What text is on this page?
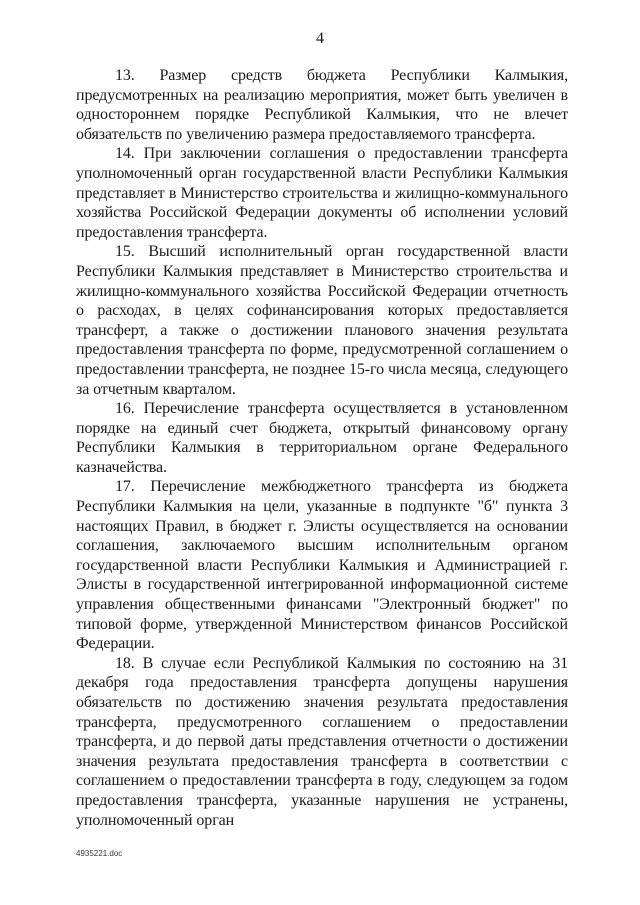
4

13. Размер средств бюджета Республики Калмыкия, предусмотренных на реализацию мероприятия, может быть увеличен в одностороннем порядке Республикой Калмыкия, что не влечет обязательств по увеличению размера предоставляемого трансферта.

14. При заключении соглашения о предоставлении трансферта уполномоченный орган государственной власти Республики Калмыкия представляет в Министерство строительства и жилищно-коммунального хозяйства Российской Федерации документы об исполнении условий предоставления трансферта.

15. Высший исполнительный орган государственной власти Республики Калмыкия представляет в Министерство строительства и жилищно-коммунального хозяйства Российской Федерации отчетность о расходах, в целях софинансирования которых предоставляется трансферт, а также о достижении планового значения результата предоставления трансферта по форме, предусмотренной соглашением о предоставлении трансферта, не позднее 15-го числа месяца, следующего за отчетным кварталом.

16. Перечисление трансферта осуществляется в установленном порядке на единый счет бюджета, открытый финансовому органу Республики Калмыкия в территориальном органе Федерального казначейства.

17. Перечисление межбюджетного трансферта из бюджета Республики Калмыкия на цели, указанные в подпункте "б" пункта 3 настоящих Правил, в бюджет г. Элисты осуществляется на основании соглашения, заключаемого высшим исполнительным органом государственной власти Республики Калмыкия и Администрацией г. Элисты в государственной интегрированной информационной системе управления общественными финансами "Электронный бюджет" по типовой форме, утвержденной Министерством финансов Российской Федерации.

18. В случае если Республикой Калмыкия по состоянию на 31 декабря года предоставления трансферта допущены нарушения обязательств по достижению значения результата предоставления трансферта, предусмотренного соглашением о предоставлении трансферта, и до первой даты представления отчетности о достижении значения результата предоставления трансферта в соответствии с соглашением о предоставлении трансферта в году, следующем за годом предоставления трансферта, указанные нарушения не устранены, уполномоченный орган

4935221.doc
